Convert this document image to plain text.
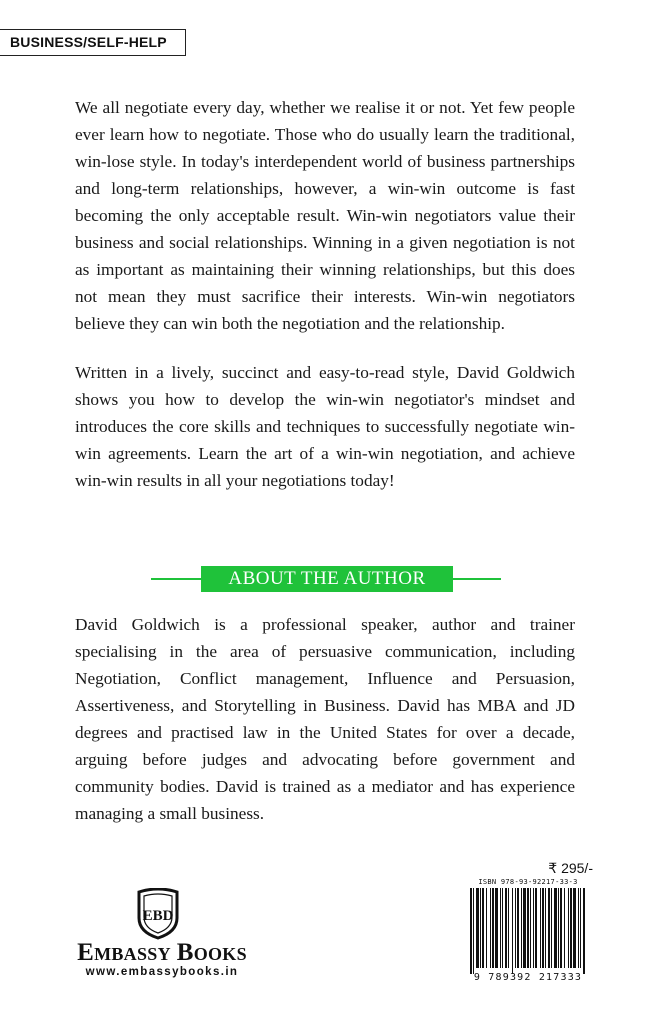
BUSINESS/SELF-HELP

We all negotiate every day, whether we realise it or not. Yet few people ever learn how to negotiate. Those who do usually learn the traditional, win-lose style. In today's interdependent world of business partnerships and long-term relationships, however, a win-win outcome is fast becoming the only acceptable result. Win-win negotiators value their business and social relationships. Winning in a given negotiation is not as important as maintaining their winning relationships, but this does not mean they must sacrifice their interests. Win-win negotiators believe they can win both the negotiation and the relationship.

Written in a lively, succinct and easy-to-read style, David Goldwich shows you how to develop the win-win negotiator's mindset and introduces the core skills and techniques to successfully negotiate win-win agreements. Learn the art of a win-win negotiation, and achieve win-win results in all your negotiations today!

ABOUT THE AUTHOR

David Goldwich is a professional speaker, author and trainer specialising in the area of persuasive communication, including Negotiation, Conflict management, Influence and Persuasion, Assertiveness, and Storytelling in Business. David has MBA and JD degrees and practised law in the United States for over a decade, arguing before judges and advocating before government and community bodies. David is trained as a mediator and has experience managing a small business.

EBD
EMBASSY BOOKS
www.embassybooks.in
₹ 295/-
ISBN 978-93-92217-33-3
9 789392 217333
